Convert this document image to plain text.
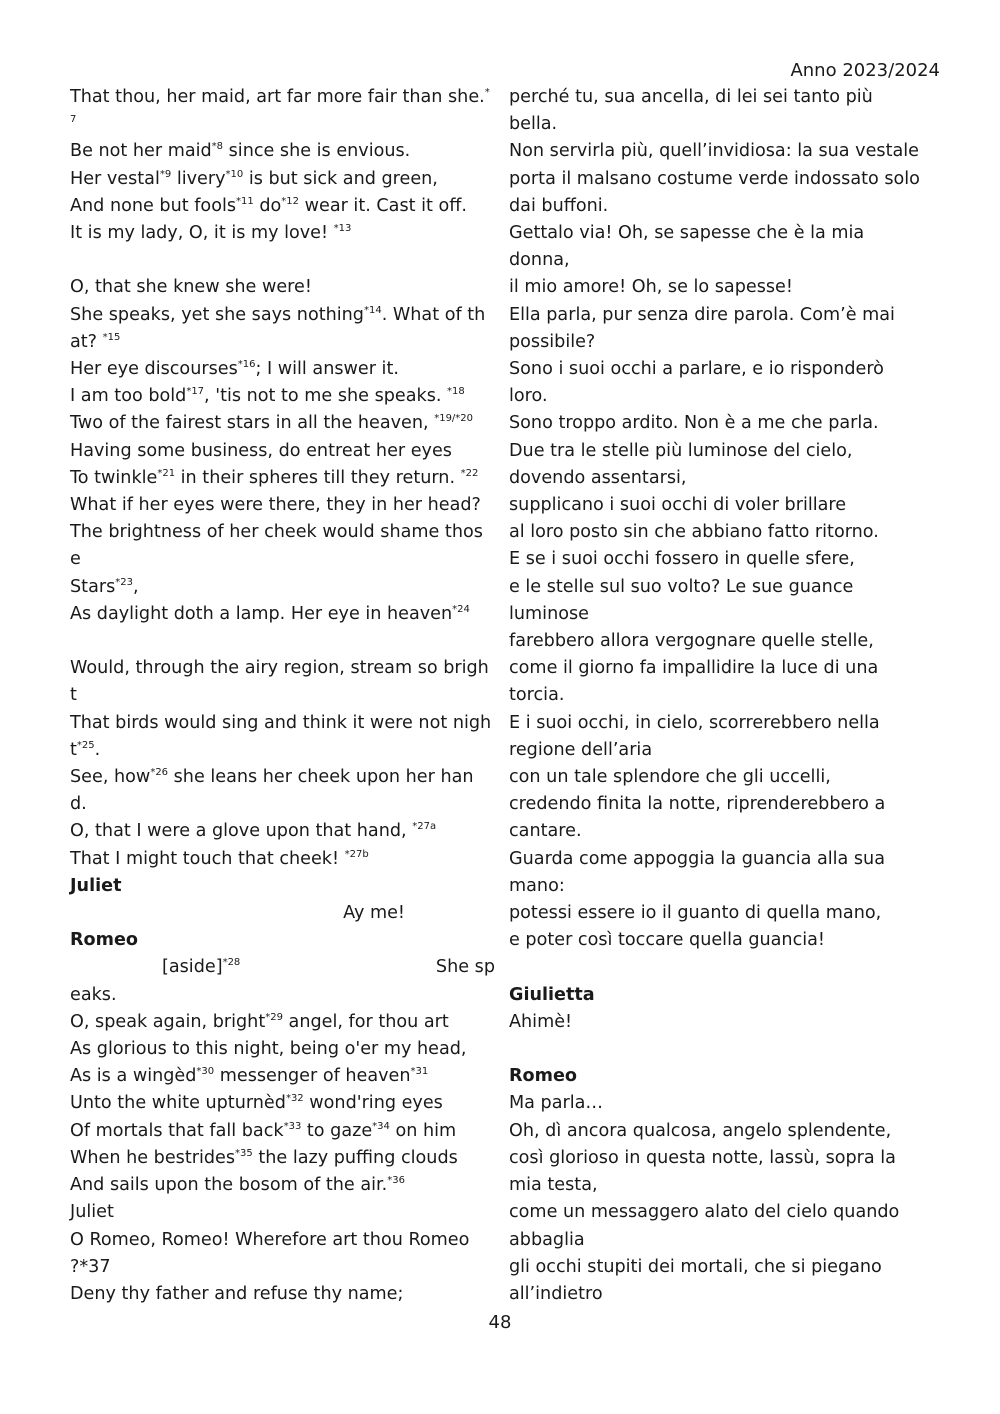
Anno 2023/2024
That thou, her maid, art far more fair than she.*
$^7$
Be not her maid$^{*8}$ since she is envious.
Her vestal$^{*9}$ livery$^{*10}$ is but sick and green,
And none but fools$^{*11}$ $do^{*12}$ wear it. Cast it off.
It is my lady, O, it is my love! $^{*13}$
O, that she knew she were!
She speaks, yet she says nothing$^{*14}$. What of th
at? $^{*15}$
Her eye discourses$^{*16}$; I will answer it.
I am too bold$^{*17}$, 'tis not to me she speaks. $^{*18}$
Two of the fairest stars in all the heaven, $^{*19/*20}$
Having some business, do entreat her eyes
To twinkle$^{*21}$ in their spheres till they return. $^{*22}$
What if her eyes were there, they in her head?
The brightness of her cheek would shame thos
e
Stars$^{*23}$,
As daylight doth a lamp. Her eye in heaven$^{*24}$
Would, through the airy region, stream so brigh
t
That birds would sing and think it were not nigh
$t^{*25}$.
See, how$^{*26}$ she leans her cheek upon her han
d.
O, that I were a glove upon that hand, $^{*27a}$
That I might touch that cheek! $^{*27b}$
Juliet
Ay me!
Romeo
[aside]$^{*28}$	She sp
eaks.
O, speak again, bright$^{*29}$ angel, for thou art
As glorious to this night, being o'er my head,
As is a wingèd$^{*30}$ messenger of heaven$^{*31}$
Unto the white upturnèd$^{*32}$ wond'ring eyes
Of mortals that fall back$^{*33}$ to gaze$^{*34}$ on him
When he bestrides$^{*35}$ the lazy puffing clouds
And sails upon the bosom of the air.$^{*36}$
Juliet
O Romeo, Romeo! Wherefore art thou Romeo
?*37
Deny thy father and refuse thy name;
perché tu, sua ancella, di lei sei tanto più
bella.
Non servirla più, quell’invidiosa: la sua vestale
porta il malsano costume verde indossato solo
dai buffoni.
Gettalo via! Oh, se sapesse che è la mia
donna,
il mio amore! Oh, se lo sapesse!
Ella parla, pur senza dire parola. Com’è mai
possibile?
Sono i suoi occhi a parlare, e io risponderò
loro.
Sono troppo ardito. Non è a me che parla.
Due tra le stelle più luminose del cielo,
dovendo assentarsi,
supplicano i suoi occhi di voler brillare
al loro posto sin che abbiano fatto ritorno.
E se i suoi occhi fossero in quelle sfere,
e le stelle sul suo volto? Le sue guance
luminose
farebbero allora vergognare quelle stelle,
come il giorno fa impallidire la luce di una
torcia.
E i suoi occhi, in cielo, scorrerebbero nella
regione dell’aria
con un tale splendore che gli uccelli,
credendo finita la notte, riprenderebbero a
cantare.
Guarda come appoggia la guancia alla sua
mano:
potessi essere io il guanto di quella mano,
e poter così toccare quella guancia!
Giulietta
Ahimè!
Romeo
Ma parla…
Oh, dì ancora qualcosa, angelo splendente,
così glorioso in questa notte, lassù, sopra la
mia testa,
come un messaggero alato del cielo quando
abbaglia
gli occhi stupiti dei mortali, che si piegano
all’indietro
48
